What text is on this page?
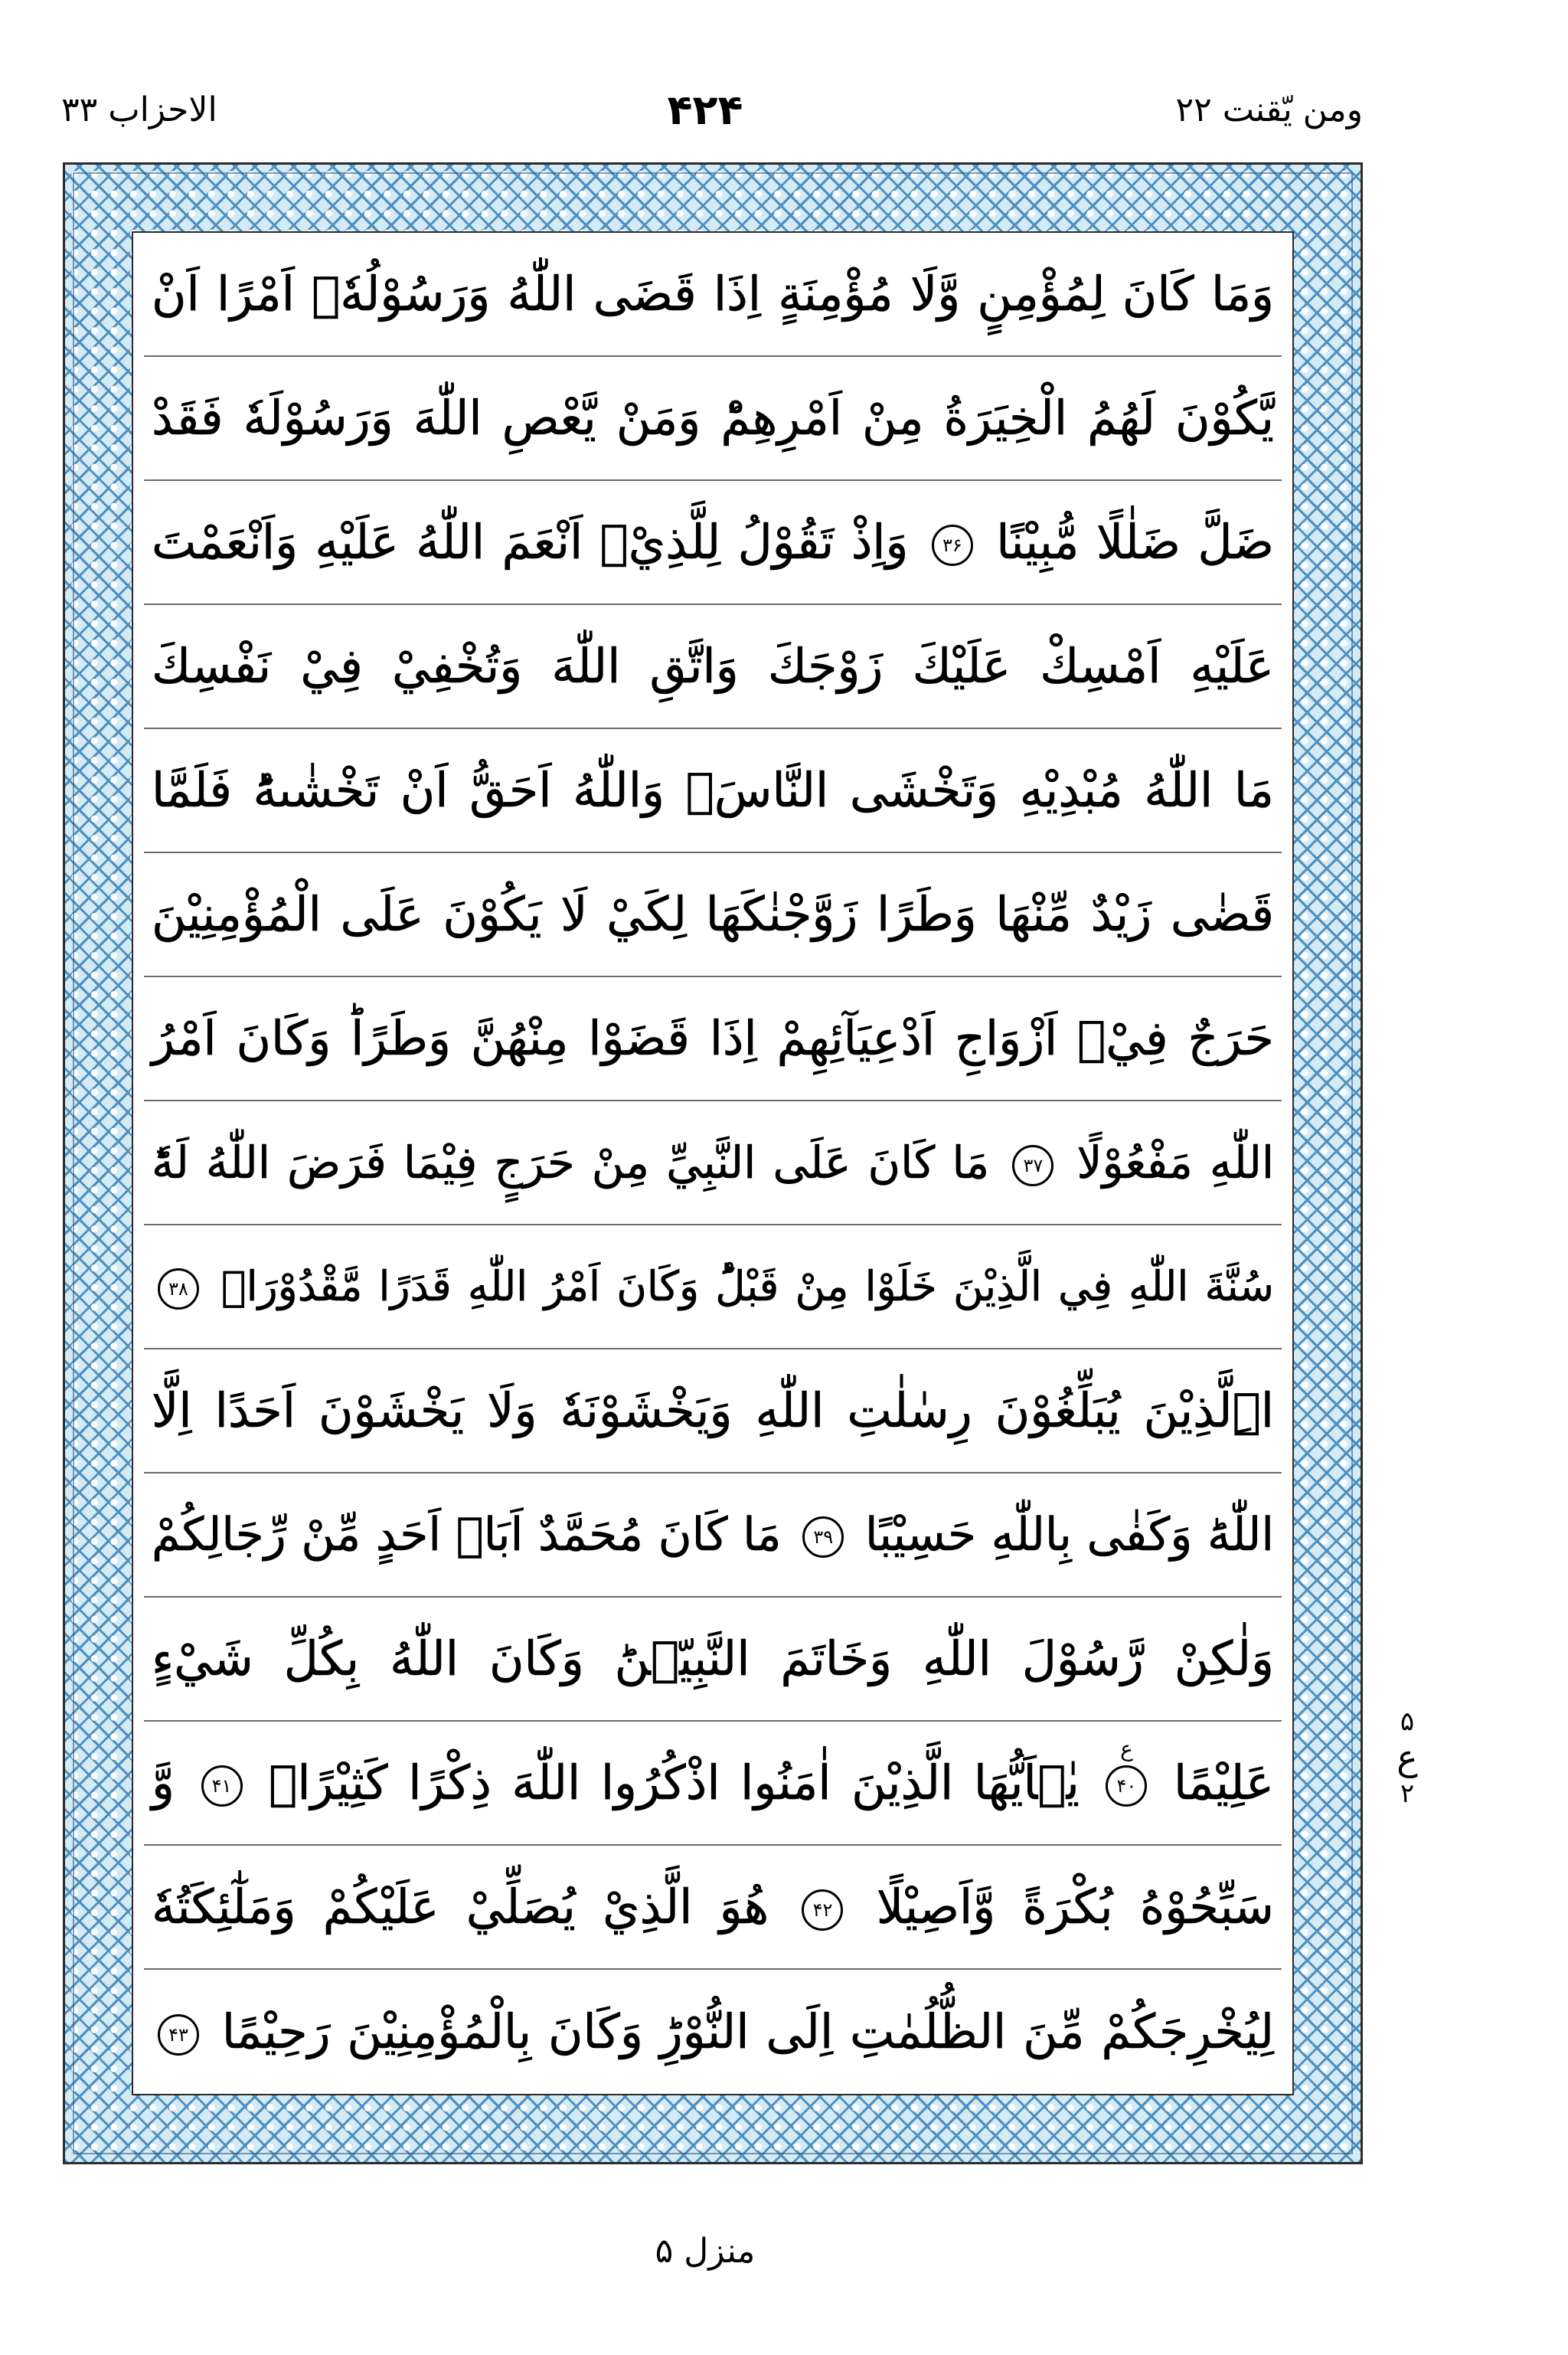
الاحزاب ۳۳	۴۲۴	ومن يّقنت ۲۲
وَمَا كَانَ لِمُؤْمِنٍ وَّلَا مُؤْمِنَةٍ اِذَا قَضَى اللّٰهُ وَرَسُوْلُهٗۤ اَمْرًا اَنْ
يَّكُوْنَ لَهُمُ الْخِيَرَةُ مِنْ اَمْرِهِمْؕ وَمَنْ يَّعْصِ اللّٰهَ وَرَسُوْلَهٗ فَقَدْ
ضَلَّ ضَلٰلًا مُّبِيْنًا ۳۶ وَاِذْ تَقُوْلُ لِلَّذِيْۤ اَنْعَمَ اللّٰهُ عَلَيْهِ وَاَنْعَمْتَ
عَلَيْهِ اَمْسِكْ عَلَيْكَ زَوْجَكَ وَاتَّقِ اللّٰهَ وَتُخْفِيْ فِيْ نَفْسِكَ
مَا اللّٰهُ مُبْدِيْهِ وَتَخْشَى النَّاسَۚ وَاللّٰهُ اَحَقُّ اَنْ تَخْشٰىهُؕ فَلَمَّا
قَضٰى زَيْدٌ مِّنْهَا وَطَرًا زَوَّجْنٰكَهَا لِكَيْ لَا يَكُوْنَ عَلَى الْمُؤْمِنِيْنَ
حَرَجٌ فِيْۤ اَزْوَاجِ اَدْعِيَآئِهِمْ اِذَا قَضَوْا مِنْهُنَّ وَطَرًاؕ وَكَانَ اَمْرُ
اللّٰهِ مَفْعُوْلًا ۳۷ مَا كَانَ عَلَى النَّبِيِّ مِنْ حَرَجٍ فِيْمَا فَرَضَ اللّٰهُ لَهٗؕ
سُنَّةَ اللّٰهِ فِي الَّذِيْنَ خَلَوْا مِنْ قَبْلُؕ وَكَانَ اَمْرُ اللّٰهِ قَدَرًا مَّقْدُوْرَاۙ ۳۸
اِۨلَّذِيْنَ يُبَلِّغُوْنَ رِسٰلٰتِ اللّٰهِ وَيَخْشَوْنَهٗ وَلَا يَخْشَوْنَ اَحَدًا اِلَّا
اللّٰهَؕ وَكَفٰى بِاللّٰهِ حَسِيْبًا ۳۹ مَا كَانَ مُحَمَّدٌ اَبَاۤ اَحَدٍ مِّنْ رِّجَالِكُمْ
وَلٰكِنْ رَّسُوْلَ اللّٰهِ وَخَاتَمَ النَّبِيّٖنَؕ وَكَانَ اللّٰهُ بِكُلِّ شَيْءٍ
عَلِيْمًا ۴۰
ع
يٰۤاَيُّهَا الَّذِيْنَ اٰمَنُوا اذْكُرُوا اللّٰهَ ذِكْرًا كَثِيْرًاۙ ۴۱ وَّ
سَبِّحُوْهُ بُكْرَةً وَّاَصِيْلًا ۴۲ هُوَ الَّذِيْ يُصَلِّيْ عَلَيْكُمْ وَمَلٰٓئِكَتُهٗ
لِيُخْرِجَكُمْ مِّنَ الظُّلُمٰتِ اِلَى النُّوْرِؕ وَكَانَ بِالْمُؤْمِنِيْنَ رَحِيْمًا ۴۳
۵
ع
۲
منزل ۵
